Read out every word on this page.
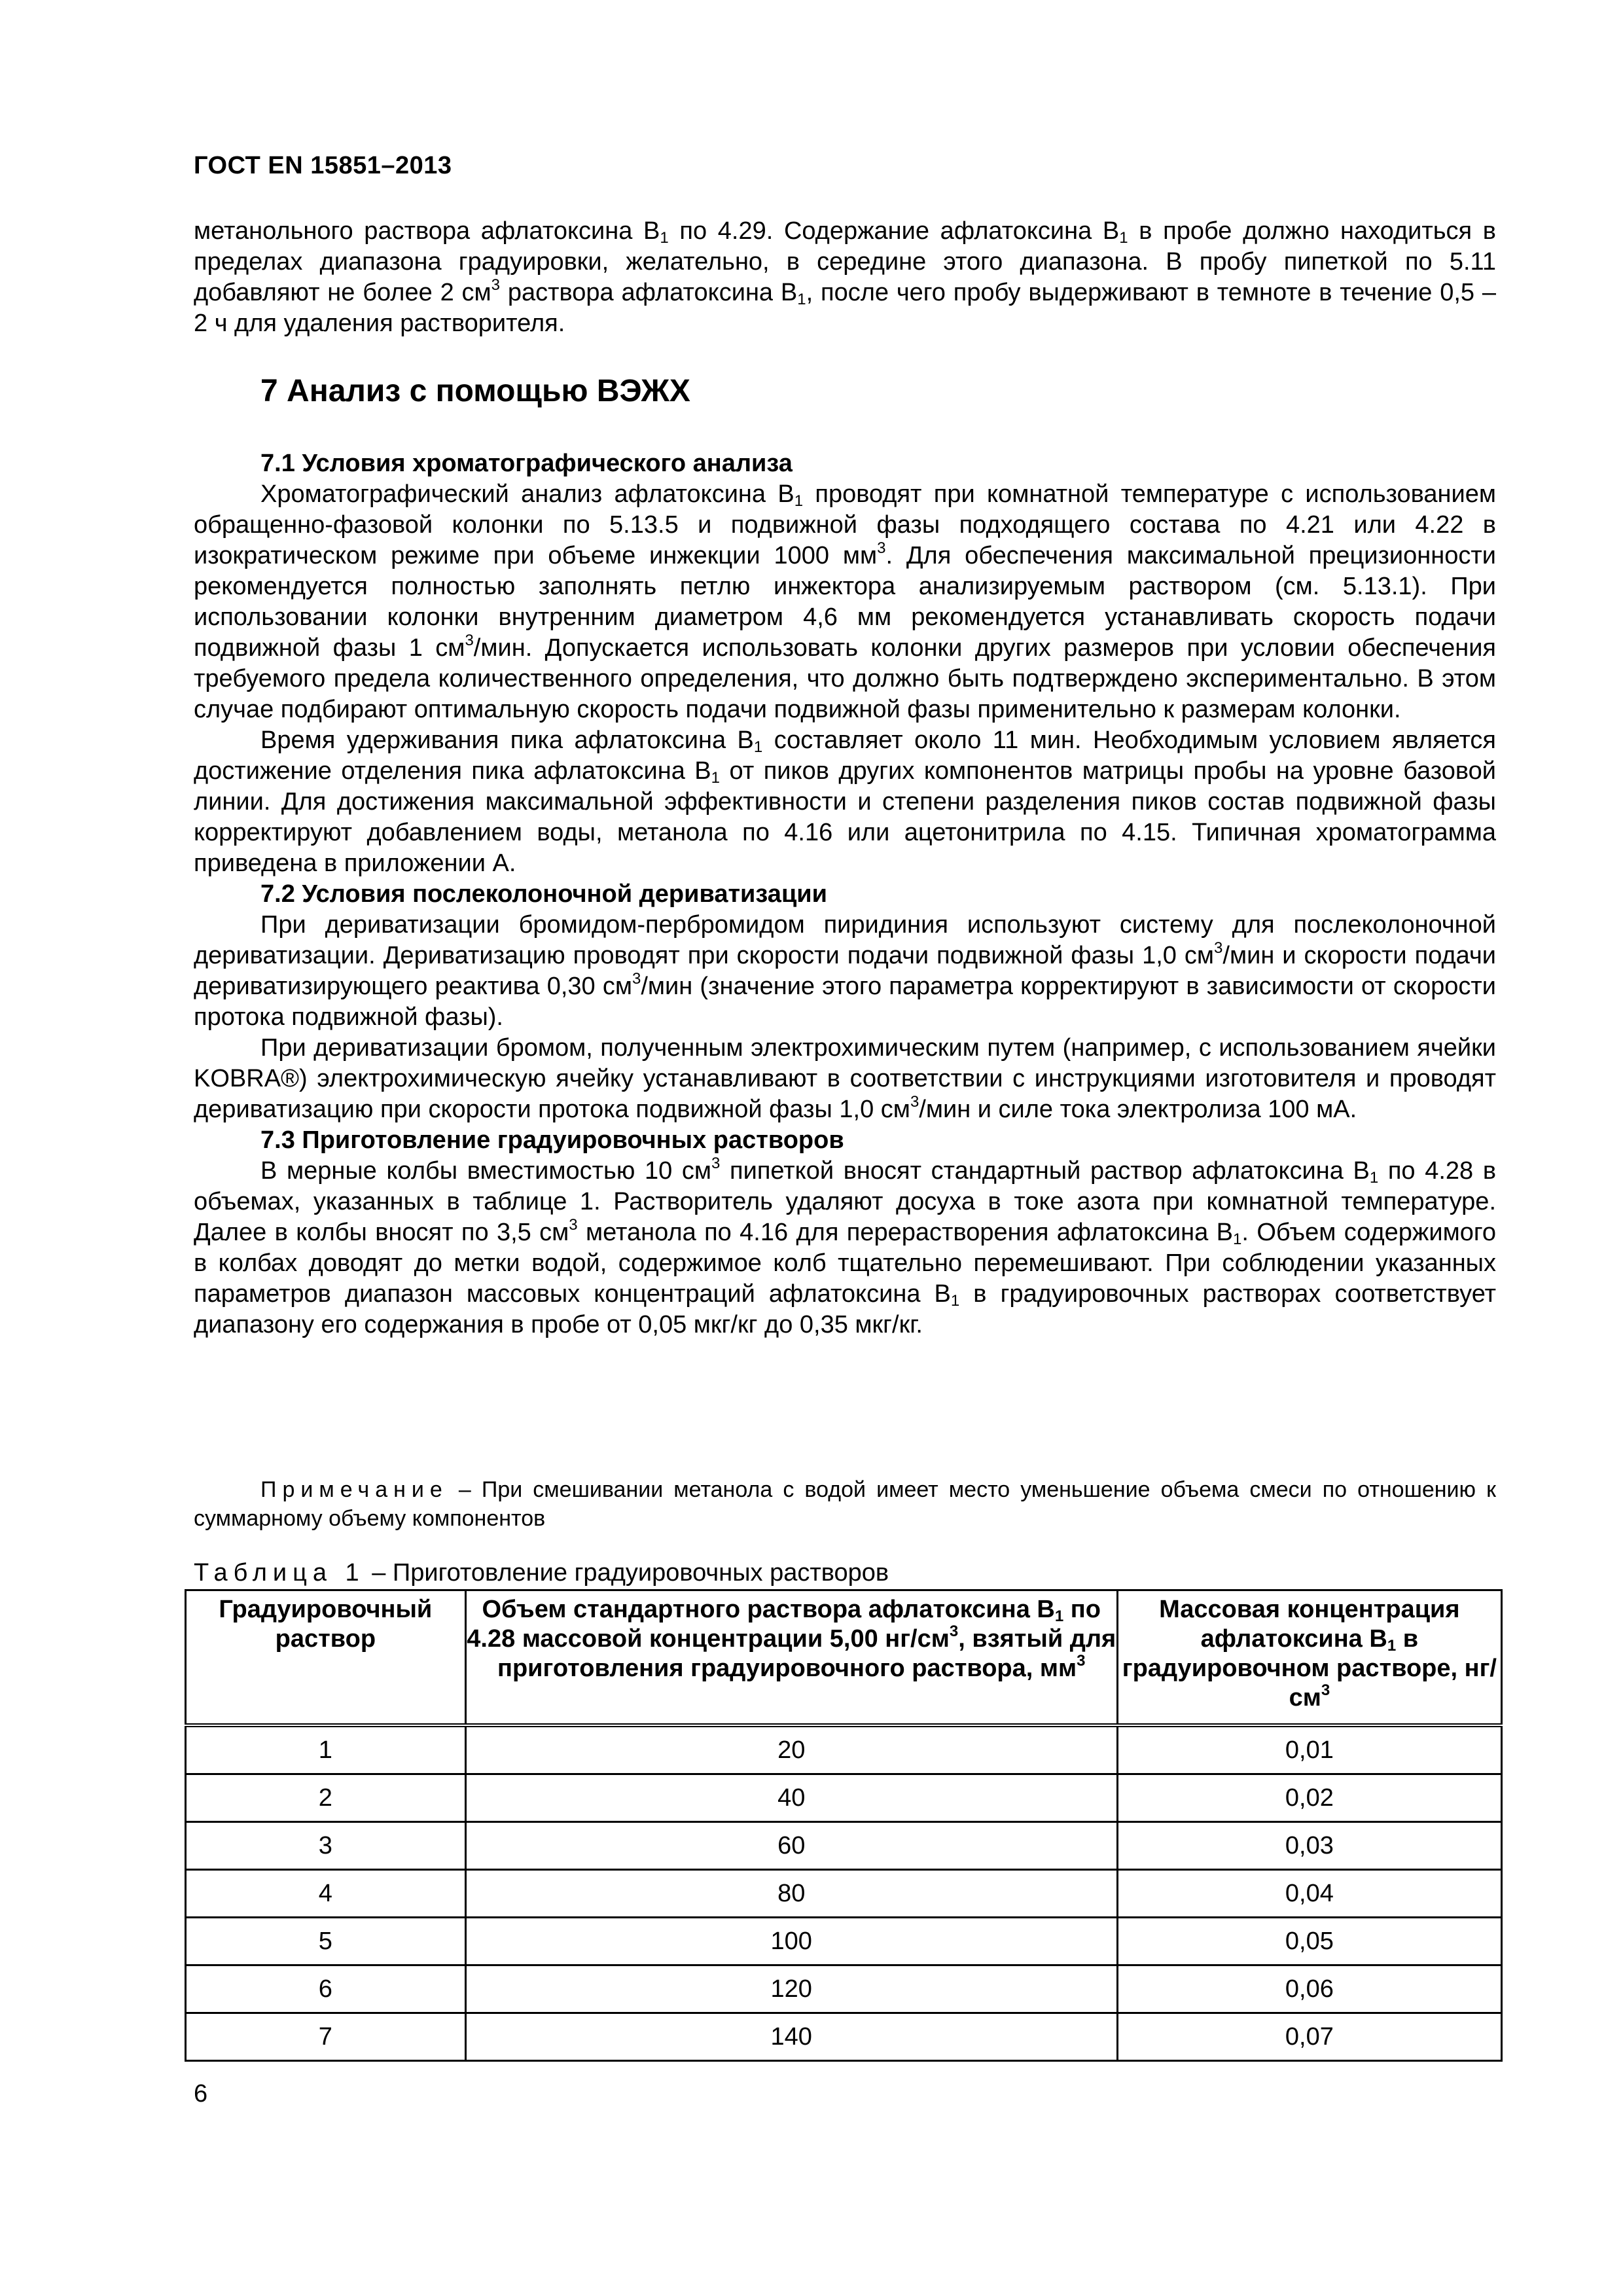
ГОСТ EN 15851–2013

метанольного раствора афлатоксина B1 по 4.29. Содержание афлатоксина B1 в пробе должно находиться в пределах диапазона градуировки, желательно, в середине этого диапазона. В пробу пипеткой по 5.11 добавляют не более 2 $см^3$ раствора афлатоксина B1, после чего пробу выдерживают в темноте в течение 0,5 – 2 ч для удаления растворителя.

7 Анализ с помощью ВЭЖХ

7.1 Условия хроматографического анализа

Хроматографический анализ афлатоксина B1 проводят при комнатной температуре с использованием обращенно-фазовой колонки по 5.13.5 и подвижной фазы подходящего состава по 4.21 или 4.22 в изократическом режиме при объеме инжекции 1000 $мм^3$. Для обеспечения максимальной прецизионности рекомендуется полностью заполнять петлю инжектора анализируемым раствором (см. 5.13.1). При использовании колонки внутренним диаметром 4,6 мм рекомендуется устанавливать скорость подачи подвижной фазы 1 $см^3$/мин. Допускается использовать колонки других размеров при условии обеспечения требуемого предела количественного определения, что должно быть подтверждено экспериментально. В этом случае подбирают оптимальную скорость подачи подвижной фазы применительно к размерам колонки.

Время удерживания пика афлатоксина B1 составляет около 11 мин. Необходимым условием является достижение отделения пика афлатоксина B1 от пиков других компонентов матрицы пробы на уровне базовой линии. Для достижения максимальной эффективности и степени разделения пиков состав подвижной фазы корректируют добавлением воды, метанола по 4.16 или ацетонитрила по 4.15. Типичная хроматограмма приведена в приложении А.

7.2 Условия послеколоночной дериватизации

При дериватизации бромидом-пербромидом пиридиния используют систему для послеколоночной дериватизации. Дериватизацию проводят при скорости подачи подвижной фазы 1,0 $см^3$/мин и скорости подачи дериватизирующего реактива 0,30 $см^3$/мин (значение этого параметра корректируют в зависимости от скорости протока подвижной фазы).

При дериватизации бромом, полученным электрохимическим путем (например, с использованием ячейки KOBRA®) электрохимическую ячейку устанавливают в соответствии с инструкциями изготовителя и проводят дериватизацию при скорости протока подвижной фазы 1,0 $см^3$/мин и силе тока электролиза 100 мА.

7.3 Приготовление градуировочных растворов

В мерные колбы вместимостью 10 $см^3$ пипеткой вносят стандартный раствор афлатоксина B1 по 4.28 в объемах, указанных в таблице 1. Растворитель удаляют досуха в токе азота при комнатной температуре. Далее в колбы вносят по 3,5 $см^3$ метанола по 4.16 для перерастворения афлатоксина B1. Объем содержимого в колбах доводят до метки водой, содержимое колб тщательно перемешивают. При соблюдении указанных параметров диапазон массовых концентраций афлатоксина B1 в градуировочных растворах соответствует диапазону его содержания в пробе от 0,05 мкг/кг до 0,35 мкг/кг.

Примечание – При смешивании метанола с водой имеет место уменьшение объема смеси по отношению к суммарному объему компонентов
Таблица 1 – Приготовление градуировочных растворов
Градуировочный раствор	Объем стандартного раствора афлатоксина B1 по 4.28 массовой концентрации 5,00 $нг/см^3$, взятый для приготовления градуировочного раствора, $мм^3$	Массовая концентрация афлатоксина B1 в градуировочном растворе, $нг/см^3$
1	20	0,01
2	40	0,02
3	60	0,03
4	80	0,04
5	100	0,05
6	120	0,06
7	140	0,07
6
